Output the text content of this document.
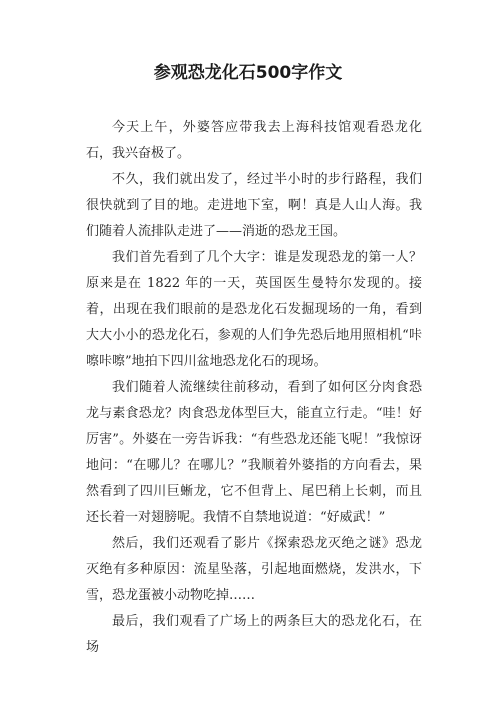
参观恐龙化石500字作文

今天上午，外婆答应带我去上海科技馆观看恐龙化石，我兴奋极了。

不久，我们就出发了，经过半小时的步行路程，我们很快就到了目的地。走进地下室，啊！真是人山人海。我们随着人流排队走进了——消逝的恐龙王国。

我们首先看到了几个大字：谁是发现恐龙的第一人？原来是在 1822 年的一天，英国医生曼特尔发现的。接着，出现在我们眼前的是恐龙化石发掘现场的一角，看到大大小小的恐龙化石，参观的人们争先恐后地用照相机“咔嚓咔嚓”地拍下四川盆地恐龙化石的现场。

我们随着人流继续往前移动，看到了如何区分肉食恐龙与素食恐龙？肉食恐龙体型巨大，能直立行走。“哇！好厉害”。外婆在一旁告诉我：“有些恐龙还能飞呢！”我惊讶地问：“在哪儿？在哪儿？”我顺着外婆指的方向看去，果然看到了四川巨蜥龙，它不但背上、尾巴稍上长刺，而且还长着一对翅膀呢。我情不自禁地说道：“好威武！”

然后，我们还观看了影片《探索恐龙灭绝之谜》恐龙灭绝有多种原因：流星坠落，引起地面燃烧，发洪水，下雪，恐龙蛋被小动物吃掉……

最后，我们观看了广场上的两条巨大的恐龙化石，在场
